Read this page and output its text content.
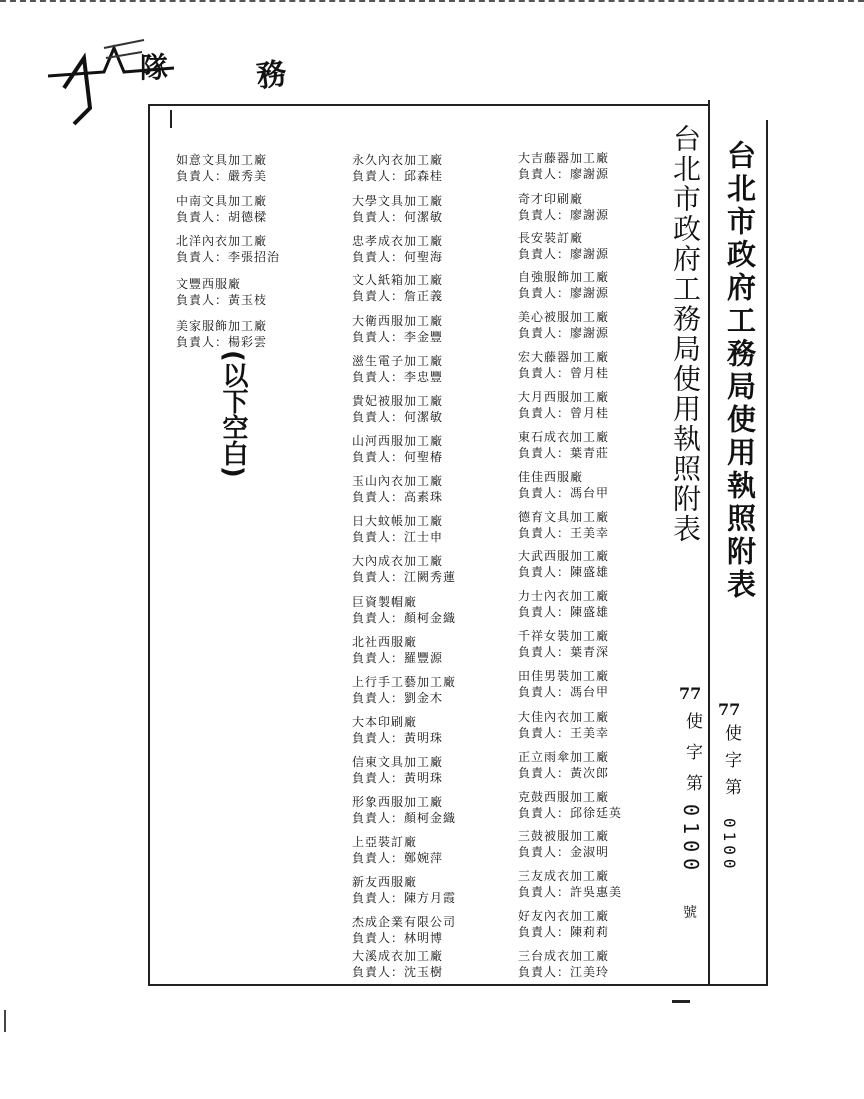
隊	務
如意文具加工廠
負責人：嚴秀美
中南文具加工廠
負責人：胡德樑
北洋內衣加工廠
負責人：李張招治
文豐西服廠
負責人：黃玉枝
美家服飾加工廠
負責人：楊彩雲
(以下空白)
永久內衣加工廠
負責人：邱森桂
大學文具加工廠
負責人：何潔敏
忠孝成衣加工廠
負責人：何聖海
文人紙箱加工廠
負責人：詹正義
大衛西服加工廠
負責人：李金豐
滋生電子加工廠
負責人：李忠豐
貴妃被服加工廠
負責人：何潔敏
山河西服加工廠
負責人：何聖椿
玉山內衣加工廠
負責人：高素珠
日大蚊帳加工廠
負責人：江士申
大內成衣加工廠
負責人：江闕秀蓮
巨資製帽廠
負責人：顏柯金織
北社西服廠
負責人：羅豐源
上行手工藝加工廠
負責人：劉金木
大本印刷廠
負責人：黃明珠
信東文具加工廠
負責人：黃明珠
形象西服加工廠
負責人：顏柯金織
上亞裝訂廠
負責人：鄭婉萍
新友西服廠
負責人：陳方月霞
杰成企業有限公司
負責人：林明博
大溪成衣加工廠
負責人：沈玉樹
大吉藤器加工廠
負責人：廖謝源
奇才印刷廠
負責人：廖謝源
長安裝訂廠
負責人：廖謝源
自強服飾加工廠
負責人：廖謝源
美心被服加工廠
負責人：廖謝源
宏大藤器加工廠
負責人：曾月桂
大月西服加工廠
負責人：曾月桂
東石成衣加工廠
負責人：葉青莊
佳佳西服廠
負責人：馮台甲
德育文具加工廠
負責人：王美幸
大武西服加工廠
負責人：陳盛雄
力士內衣加工廠
負責人：陳盛雄
千祥女裝加工廠
負責人：葉青深
田佳男裝加工廠
負責人：馮台甲
大佳內衣加工廠
負責人：王美幸
正立雨傘加工廠
負責人：黃次郎
克鼓西服加工廠
負責人：邱徐廷英
三鼓被服加工廠
負責人：金淑明
三友成衣加工廠
負責人：許吳惠美
好友內衣加工廠
負責人：陳莉莉
三台成衣加工廠
負責人：江美玲
台北市政府工務局使用執照附表
77
使字第
0100
號
台北市政府工務局使用執照附表
77
使字第
0100
